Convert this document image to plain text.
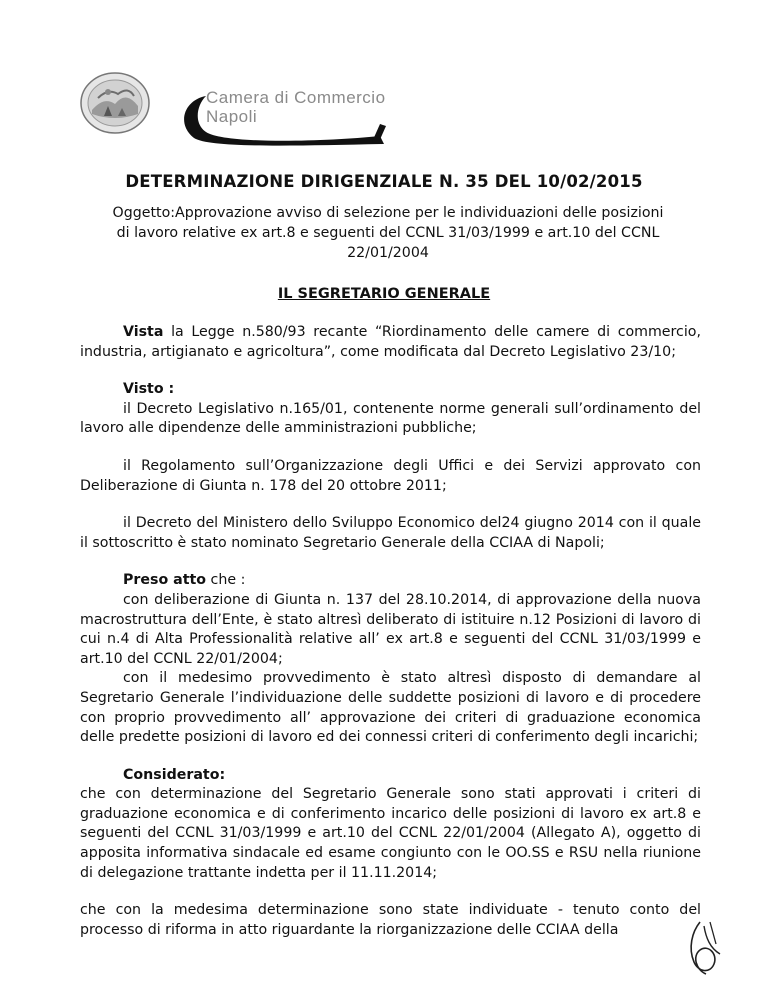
Camera di Commercio
Napoli
DETERMINAZIONE DIRIGENZIALE N. 35 DEL 10/02/2015
Oggetto:Approvazione avviso di selezione per le individuazioni delle posizioni
di lavoro relative ex art.8 e seguenti del CCNL 31/03/1999 e art.10 del CCNL
22/01/2004
IL SEGRETARIO GENERALE

Vista la Legge n.580/93 recante “Riordinamento delle camere di commercio, industria, artigianato e agricoltura”, come modificata dal Decreto Legislativo 23/10;

Visto :

il Decreto Legislativo n.165/01, contenente norme generali sull’ordinamento del lavoro alle dipendenze delle amministrazioni pubbliche;

il Regolamento sull’Organizzazione degli Uffici e dei Servizi approvato con Deliberazione di Giunta n. 178 del 20 ottobre 2011;

il Decreto del Ministero dello Sviluppo Economico del24 giugno 2014 con il quale il sottoscritto è stato nominato Segretario Generale della CCIAA di Napoli;

Preso atto che :

con deliberazione di Giunta n. 137 del 28.10.2014, di approvazione della nuova macrostruttura dell’Ente, è stato altresì deliberato di istituire n.12 Posizioni di lavoro di cui n.4 di Alta Professionalità relative all’ ex art.8 e seguenti del CCNL 31/03/1999 e art.10 del CCNL 22/01/2004;

con il medesimo provvedimento è stato altresì disposto di demandare al Segretario Generale l’individuazione delle suddette posizioni di lavoro e di procedere con proprio provvedimento all’ approvazione dei criteri di graduazione economica delle predette posizioni di lavoro ed dei connessi criteri di conferimento degli incarichi;

Considerato:

che con determinazione del Segretario Generale sono stati approvati i criteri di graduazione economica e di conferimento incarico delle posizioni di lavoro ex art.8 e seguenti del CCNL 31/03/1999 e art.10 del CCNL 22/01/2004 (Allegato A), oggetto di apposita informativa sindacale ed esame congiunto con le OO.SS e RSU nella riunione di delegazione trattante indetta per il 11.11.2014;

che con la medesima determinazione sono state individuate - tenuto conto del processo di riforma in atto riguardante la riorganizzazione delle CCIAA della
